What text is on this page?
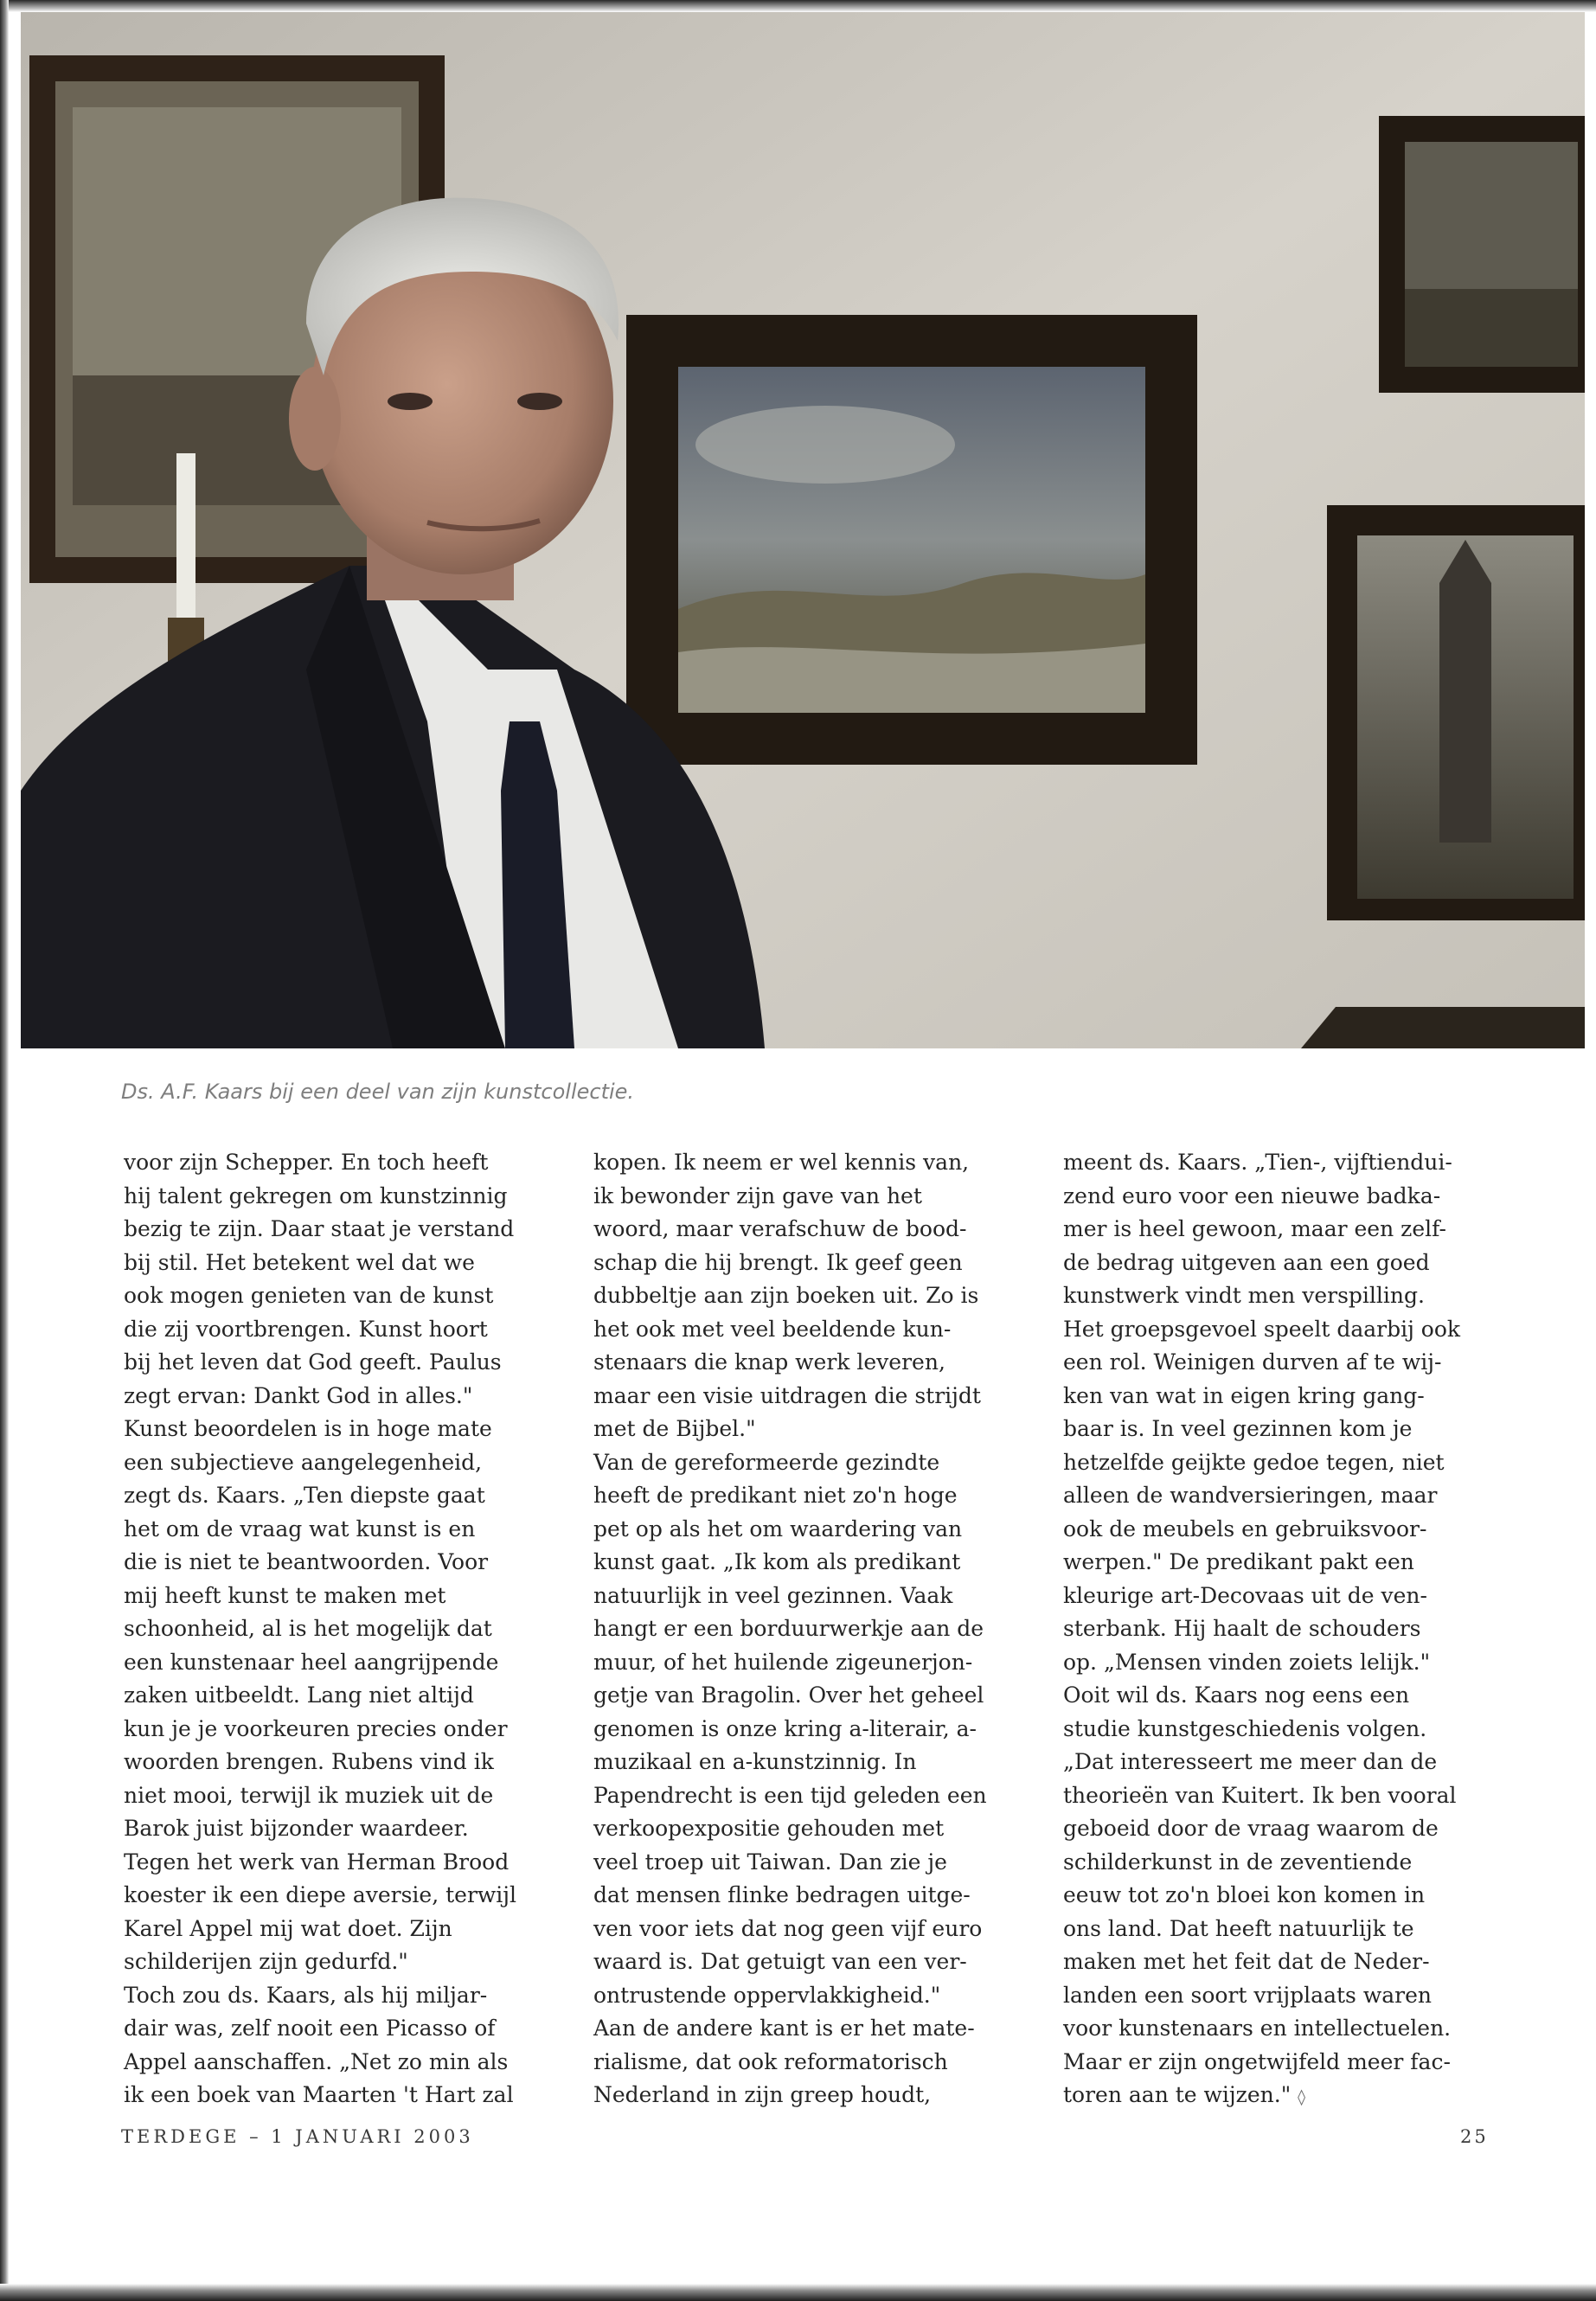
Ds. A.F. Kaars bij een deel van zijn kunstcollectie.
voor zijn Schepper. En toch heeft
hij talent gekregen om kunstzinnig
bezig te zijn. Daar staat je verstand
bij stil. Het betekent wel dat we
ook mogen genieten van de kunst
die zij voortbrengen. Kunst hoort
bij het leven dat God geeft. Paulus
zegt ervan: Dankt God in alles."
Kunst beoordelen is in hoge mate
een subjectieve aangelegenheid,
zegt ds. Kaars. „Ten diepste gaat
het om de vraag wat kunst is en
die is niet te beantwoorden. Voor
mij heeft kunst te maken met
schoonheid, al is het mogelijk dat
een kunstenaar heel aangrijpende
zaken uitbeeldt. Lang niet altijd
kun je je voorkeuren precies onder
woorden brengen. Rubens vind ik
niet mooi, terwijl ik muziek uit de
Barok juist bijzonder waardeer.
Tegen het werk van Herman Brood
koester ik een diepe aversie, terwijl
Karel Appel mij wat doet. Zijn
schilderijen zijn gedurfd."
Toch zou ds. Kaars, als hij miljar-
dair was, zelf nooit een Picasso of
Appel aanschaffen. „Net zo min als
ik een boek van Maarten 't Hart zal
kopen. Ik neem er wel kennis van,
ik bewonder zijn gave van het
woord, maar verafschuw de bood-
schap die hij brengt. Ik geef geen
dubbeltje aan zijn boeken uit. Zo is
het ook met veel beeldende kun-
stenaars die knap werk leveren,
maar een visie uitdragen die strijdt
met de Bijbel."
Van de gereformeerde gezindte
heeft de predikant niet zo'n hoge
pet op als het om waardering van
kunst gaat. „Ik kom als predikant
natuurlijk in veel gezinnen. Vaak
hangt er een borduurwerkje aan de
muur, of het huilende zigeunerjon-
getje van Bragolin. Over het geheel
genomen is onze kring a-literair, a-
muzikaal en a-kunstzinnig. In
Papendrecht is een tijd geleden een
verkoopexpositie gehouden met
veel troep uit Taiwan. Dan zie je
dat mensen flinke bedragen uitge-
ven voor iets dat nog geen vijf euro
waard is. Dat getuigt van een ver-
ontrustende oppervlakkigheid."
Aan de andere kant is er het mate-
rialisme, dat ook reformatorisch
Nederland in zijn greep houdt,
meent ds. Kaars. „Tien-, vijftiendui-
zend euro voor een nieuwe badka-
mer is heel gewoon, maar een zelf-
de bedrag uitgeven aan een goed
kunstwerk vindt men verspilling.
Het groepsgevoel speelt daarbij ook
een rol. Weinigen durven af te wij-
ken van wat in eigen kring gang-
baar is. In veel gezinnen kom je
hetzelfde geijkte gedoe tegen, niet
alleen de wandversieringen, maar
ook de meubels en gebruiksvoor-
werpen." De predikant pakt een
kleurige art-Decovaas uit de ven-
sterbank. Hij haalt de schouders
op. „Mensen vinden zoiets lelijk."
Ooit wil ds. Kaars nog eens een
studie kunstgeschiedenis volgen.
„Dat interesseert me meer dan de
theorieën van Kuitert. Ik ben vooral
geboeid door de vraag waarom de
schilderkunst in de zeventiende
eeuw tot zo'n bloei kon komen in
ons land. Dat heeft natuurlijk te
maken met het feit dat de Neder-
landen een soort vrijplaats waren
voor kunstenaars en intellectuelen.
Maar er zijn ongetwijfeld meer fac-
toren aan te wijzen." ◊
TERDEGE – 1 JANUARI 2003	25
